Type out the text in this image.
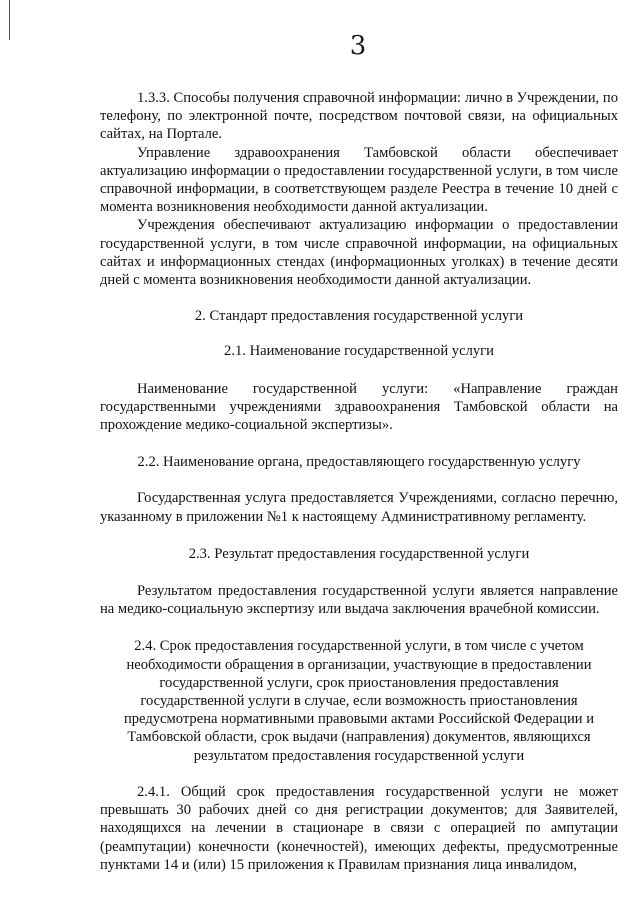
3

1.3.3. Способы получения справочной информации: лично в Учреждении, по телефону, по электронной почте, посредством почтовой связи, на официальных сайтах, на Портале.

Управление здравоохранения Тамбовской области обеспечивает актуализацию информации о предоставлении государственной услуги, в том числе справочной информации, в соответствующем разделе Реестра в течение 10 дней с момента возникновения необходимости данной актуализации.

Учреждения обеспечивают актуализацию информации о предоставлении государственной услуги, в том числе справочной информации, на официальных сайтах и информационных стендах (информационных уголках) в течение десяти дней с момента возникновения необходимости данной актуализации.

2. Стандарт предоставления государственной услуги

2.1. Наименование государственной услуги

Наименование государственной услуги: «Направление граждан государственными учреждениями здравоохранения Тамбовской области на прохождение медико-социальной экспертизы».

2.2. Наименование органа, предоставляющего государственную услугу

Государственная услуга предоставляется Учреждениями, согласно перечню, указанному в приложении №1 к настоящему Административному регламенту.

2.3. Результат предоставления государственной услуги

Результатом предоставления государственной услуги является направление на медико-социальную экспертизу или выдача заключения врачебной комиссии.

2.4. Срок предоставления государственной услуги, в том числе с учетом необходимости обращения в организации, участвующие в предоставлении государственной услуги, срок приостановления предоставления государственной услуги в случае, если возможность приостановления предусмотрена нормативными правовыми актами Российской Федерации и Тамбовской области, срок выдачи (направления) документов, являющихся результатом предоставления государственной услуги

2.4.1. Общий срок предоставления государственной услуги не может превышать 30 рабочих дней со дня регистрации документов; для Заявителей, находящихся на лечении в стационаре в связи с операцией по ампутации (реампутации) конечности (конечностей), имеющих дефекты, предусмотренные пунктами 14 и (или) 15 приложения к Правилам признания лица инвалидом,
